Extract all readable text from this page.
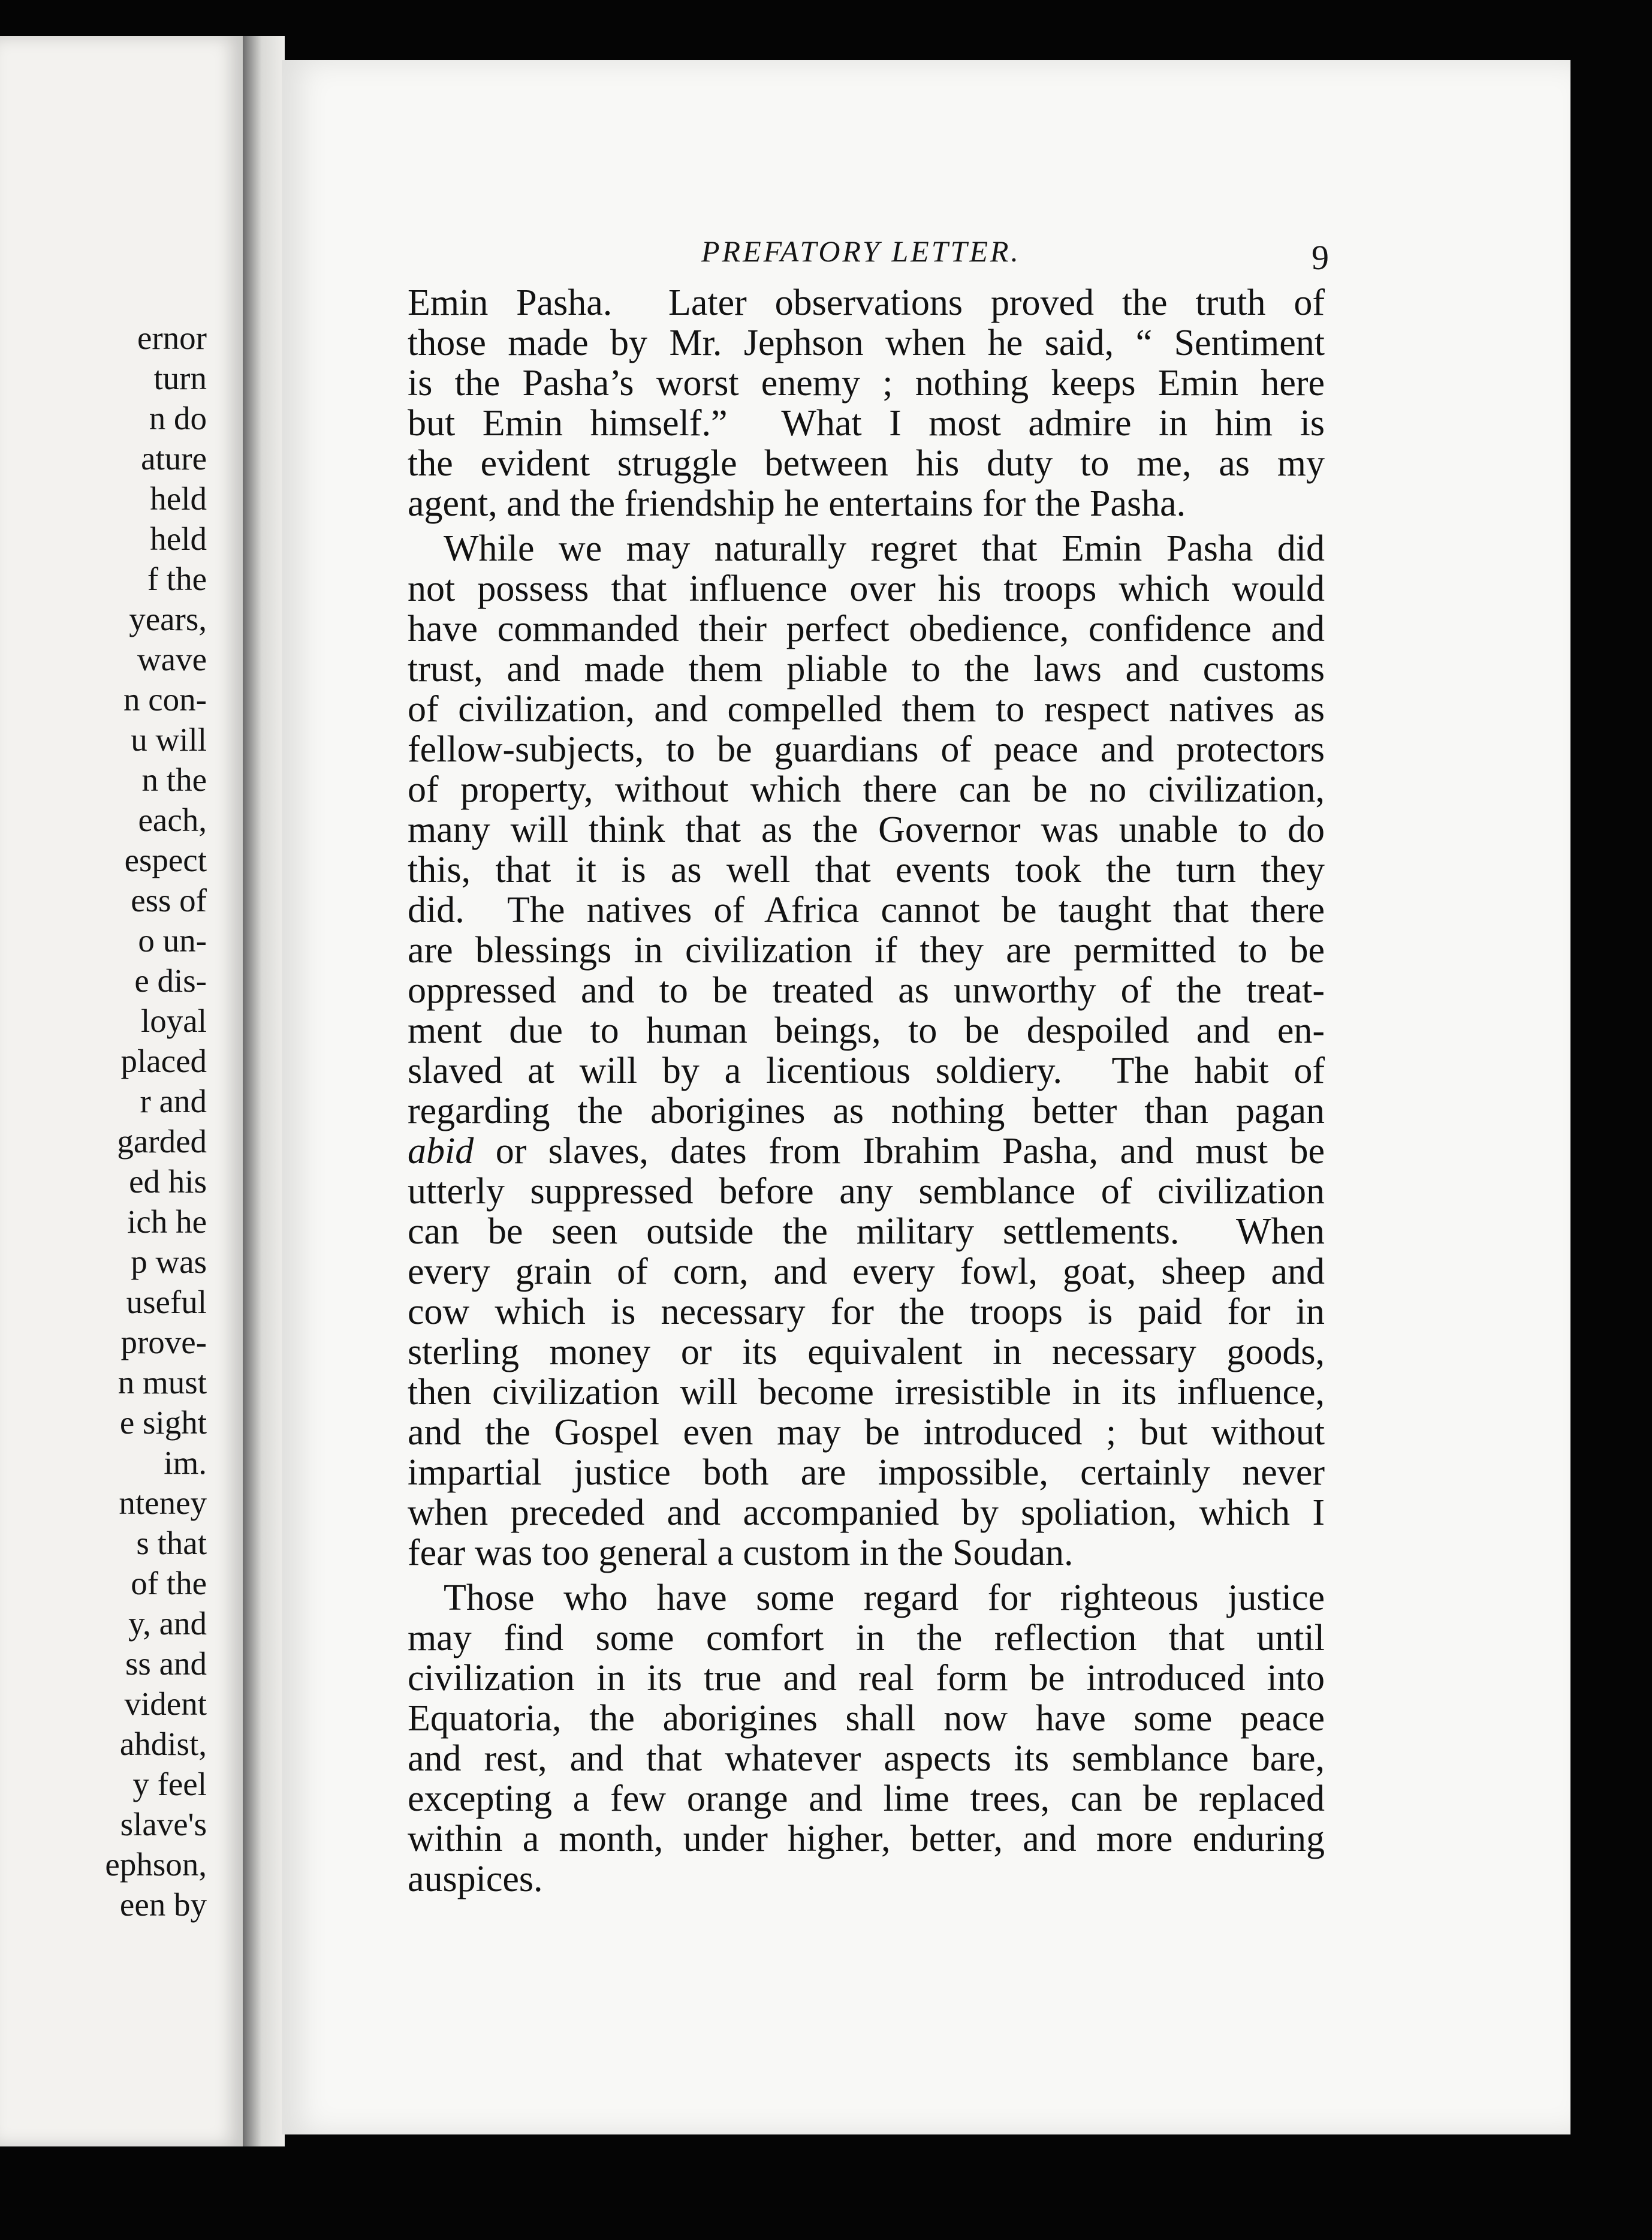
ernor
turn
n do
ature
held
held
f the
years,
wave
n con-
u will
n the
each,
espect
ess of
o un-
e dis-
loyal
placed
r and
garded
ed his
ich he
p was
useful
prove-
n must
e sight
im.
nteney
s that
of the
y, and
ss and
vident
ahdist,
y feel
slave's
ephson,
een by
PREFATORY LETTER.	9
Emin Pasha.  Later observations proved the truth of
those made by Mr. Jephson when he said, “ Sentiment
is the Pasha’s worst enemy ; nothing keeps Emin here
but Emin himself.”  What I most admire in him is
the evident struggle between his duty to me, as my
agent, and the friendship he entertains for the Pasha.
While we may naturally regret that Emin Pasha did
not possess that influence over his troops which would
have commanded their perfect obedience, confidence and
trust, and made them pliable to the laws and customs
of civilization, and compelled them to respect natives as
fellow-subjects, to be guardians of peace and protectors
of property, without which there can be no civilization,
many will think that as the Governor was unable to do
this, that it is as well that events took the turn they
did.  The natives of Africa cannot be taught that there
are blessings in civilization if they are permitted to be
oppressed and to be treated as unworthy of the treat-
ment due to human beings, to be despoiled and en-
slaved at will by a licentious soldiery.  The habit of
regarding the aborigines as nothing better than pagan
abid or slaves, dates from Ibrahim Pasha, and must be
utterly suppressed before any semblance of civilization
can be seen outside the military settlements.  When
every grain of corn, and every fowl, goat, sheep and
cow which is necessary for the troops is paid for in
sterling money or its equivalent in necessary goods,
then civilization will become irresistible in its influence,
and the Gospel even may be introduced ; but without
impartial justice both are impossible, certainly never
when preceded and accompanied by spoliation, which I
fear was too general a custom in the Soudan.
Those who have some regard for righteous justice
may find some comfort in the reflection that until
civilization in its true and real form be introduced into
Equatoria, the aborigines shall now have some peace
and rest, and that whatever aspects its semblance bare,
excepting a few orange and lime trees, can be replaced
within a month, under higher, better, and more enduring
auspices.
